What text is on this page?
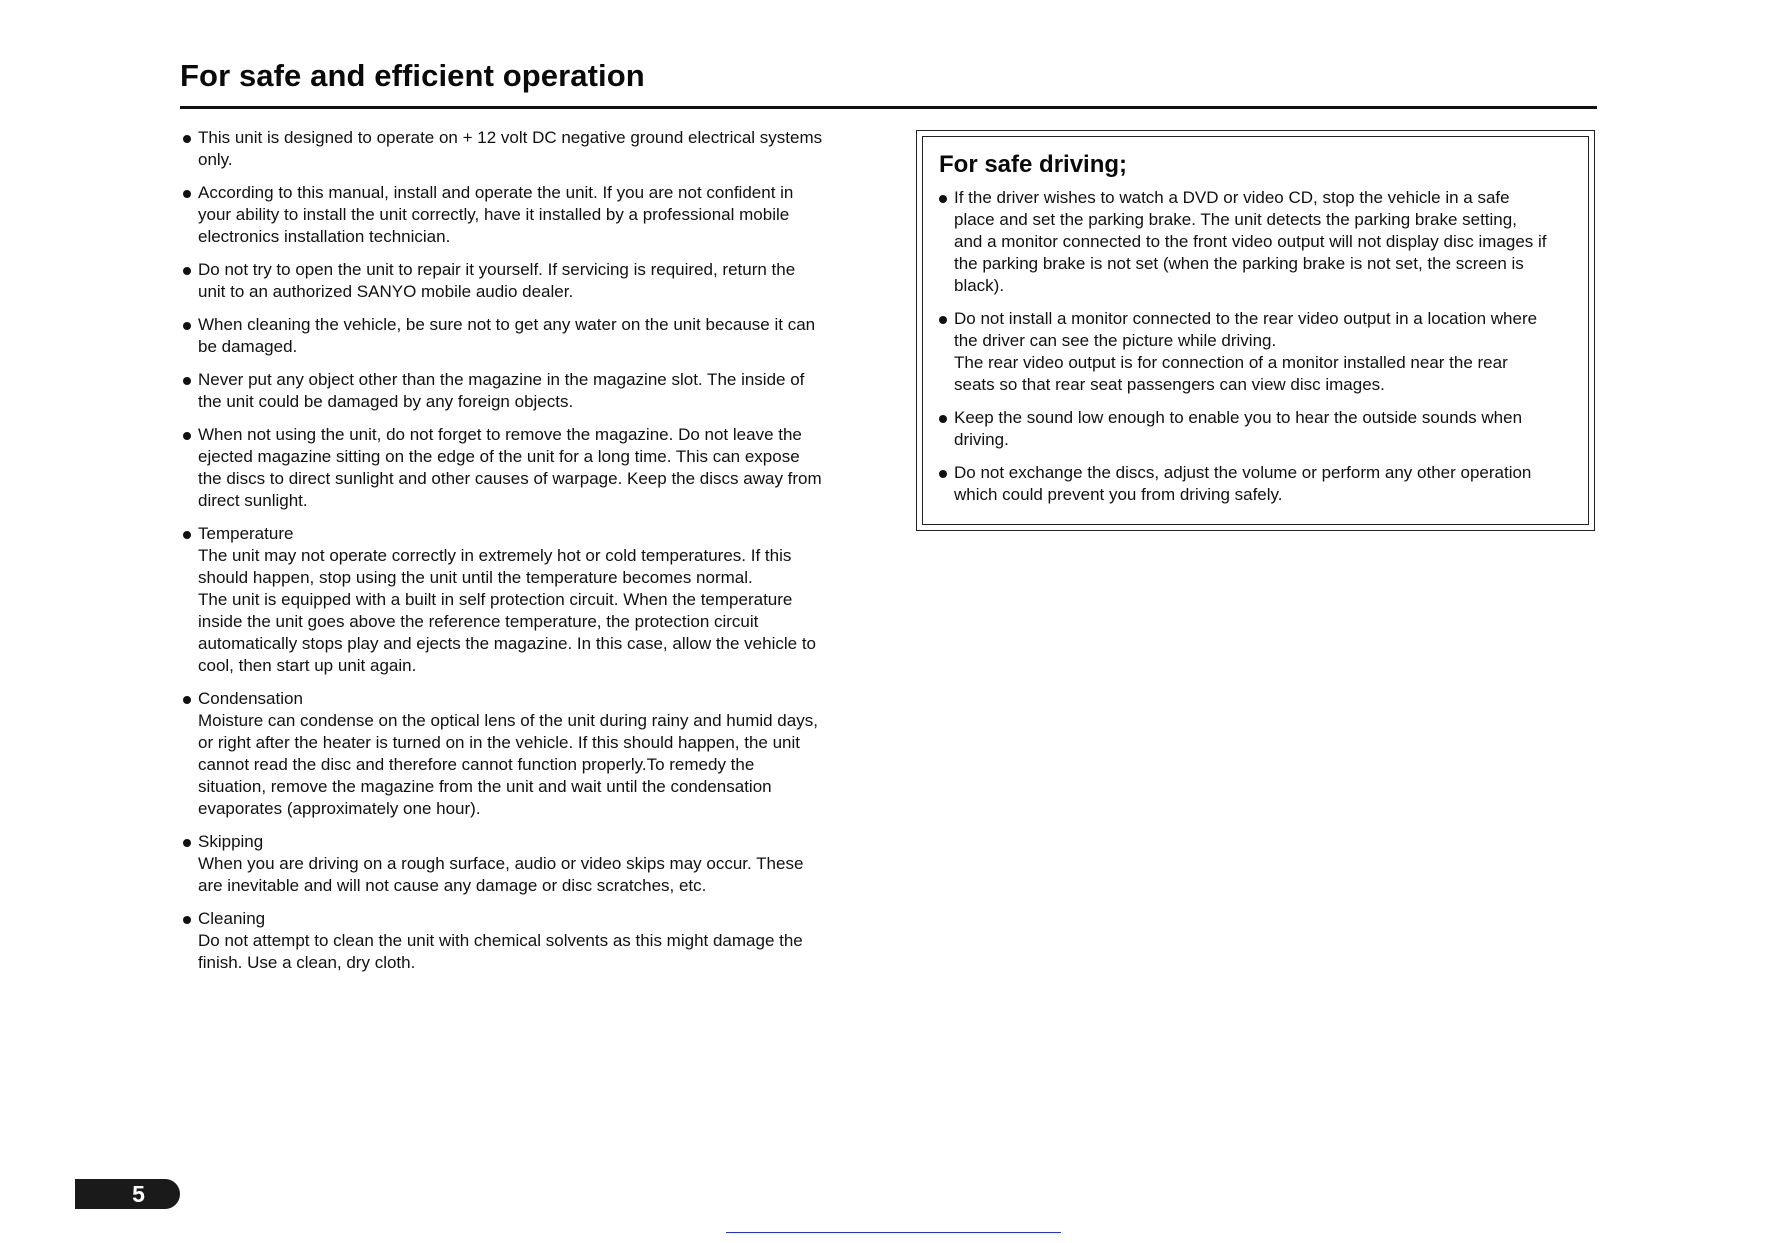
For safe and efficient operation
This unit is designed to operate on + 12 volt DC negative ground electrical systems
only.
According to this manual, install and operate the unit. If you are not confident in
your ability to install the unit correctly, have it installed by a professional mobile
electronics installation technician.
Do not try to open the unit to repair it yourself. If servicing is required, return the
unit to an authorized SANYO mobile audio dealer.
When cleaning the vehicle, be sure not to get any water on the unit because it can
be damaged.
Never put any object other than the magazine in the magazine slot. The inside of
the unit could be damaged by any foreign objects.
When not using the unit, do not forget to remove the magazine. Do not leave the
ejected magazine sitting on the edge of the unit for a long time. This can expose
the discs to direct sunlight and other causes of warpage. Keep the discs away from
direct sunlight.
Temperature
The unit may not operate correctly in extremely hot or cold temperatures. If this
should happen, stop using the unit until the temperature becomes normal.
The unit is equipped with a built in self protection circuit. When the temperature
inside the unit goes above the reference temperature, the protection circuit
automatically stops play and ejects the magazine. In this case, allow the vehicle to
cool, then start up unit again.
Condensation
Moisture can condense on the optical lens of the unit during rainy and humid days,
or right after the heater is turned on in the vehicle. If this should happen, the unit
cannot read the disc and therefore cannot function properly.To remedy the
situation, remove the magazine from the unit and wait until the condensation
evaporates (approximately one hour).
Skipping
When you are driving on a rough surface, audio or video skips may occur. These
are inevitable and will not cause any damage or disc scratches, etc.
Cleaning
Do not attempt to clean the unit with chemical solvents as this might damage the
finish. Use a clean, dry cloth.
For safe driving;
If the driver wishes to watch a DVD or video CD, stop the vehicle in a safe
place and set the parking brake. The unit detects the parking brake setting,
and a monitor connected to the front video output will not display disc images if
the parking brake is not set (when the parking brake is not set, the screen is
black).
Do not install a monitor connected to the rear video output in a location where
the driver can see the picture while driving.
The rear video output is for connection of a monitor installed near the rear
seats so that rear seat passengers can view disc images.
Keep the sound low enough to enable you to hear the outside sounds when
driving.
Do not exchange the discs, adjust the volume or perform any other operation
which could prevent you from driving safely.
5
